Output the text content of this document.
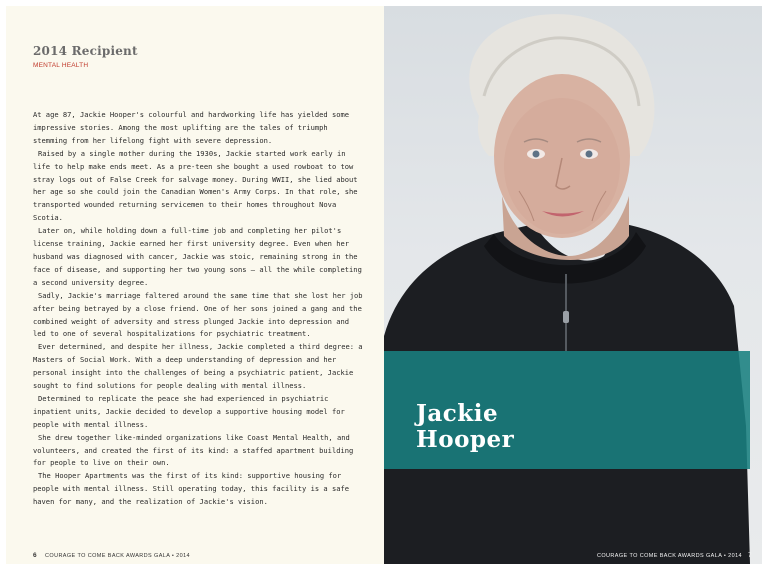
2014 Recipient
MENTAL HEALTH

At age 87, Jackie Hooper's colourful and hardworking life has yielded some impressive stories. Among the most uplifting are the tales of triumph stemming from her lifelong fight with severe depression.

Raised by a single mother during the 1930s, Jackie started work early in life to help make ends meet. As a pre-teen she bought a used rowboat to tow stray logs out of False Creek for salvage money. During WWII, she lied about her age so she could join the Canadian Women's Army Corps. In that role, she transported wounded returning servicemen to their homes throughout Nova Scotia.

Later on, while holding down a full-time job and completing her pilot's license training, Jackie earned her first university degree. Even when her husband was diagnosed with cancer, Jackie was stoic, remaining strong in the face of disease, and supporting her two young sons – all the while completing a second university degree.

Sadly, Jackie's marriage faltered around the same time that she lost her job after being betrayed by a close friend. One of her sons joined a gang and the combined weight of adversity and stress plunged Jackie into depression and led to one of several hospitalizations for psychiatric treatment.

Ever determined, and despite her illness, Jackie completed a third degree: a Masters of Social Work. With a deep understanding of depression and her personal insight into the challenges of being a psychiatric patient, Jackie sought to find solutions for people dealing with mental illness.

Determined to replicate the peace she had experienced in psychiatric inpatient units, Jackie decided to develop a supportive housing model for people with mental illness.

She drew together like-minded organizations like Coast Mental Health, and volunteers, and created the first of its kind: a staffed apartment building for people to live on their own.

The Hooper Apartments was the first of its kind: supportive housing for people with mental illness. Still operating today, this facility is a safe haven for many, and the realization of Jackie's vision.

6 COURAGE TO COME BACK AWARDS GALA • 2014
Jackie
Hooper
COURAGE TO COME BACK AWARDS GALA • 2014 7
